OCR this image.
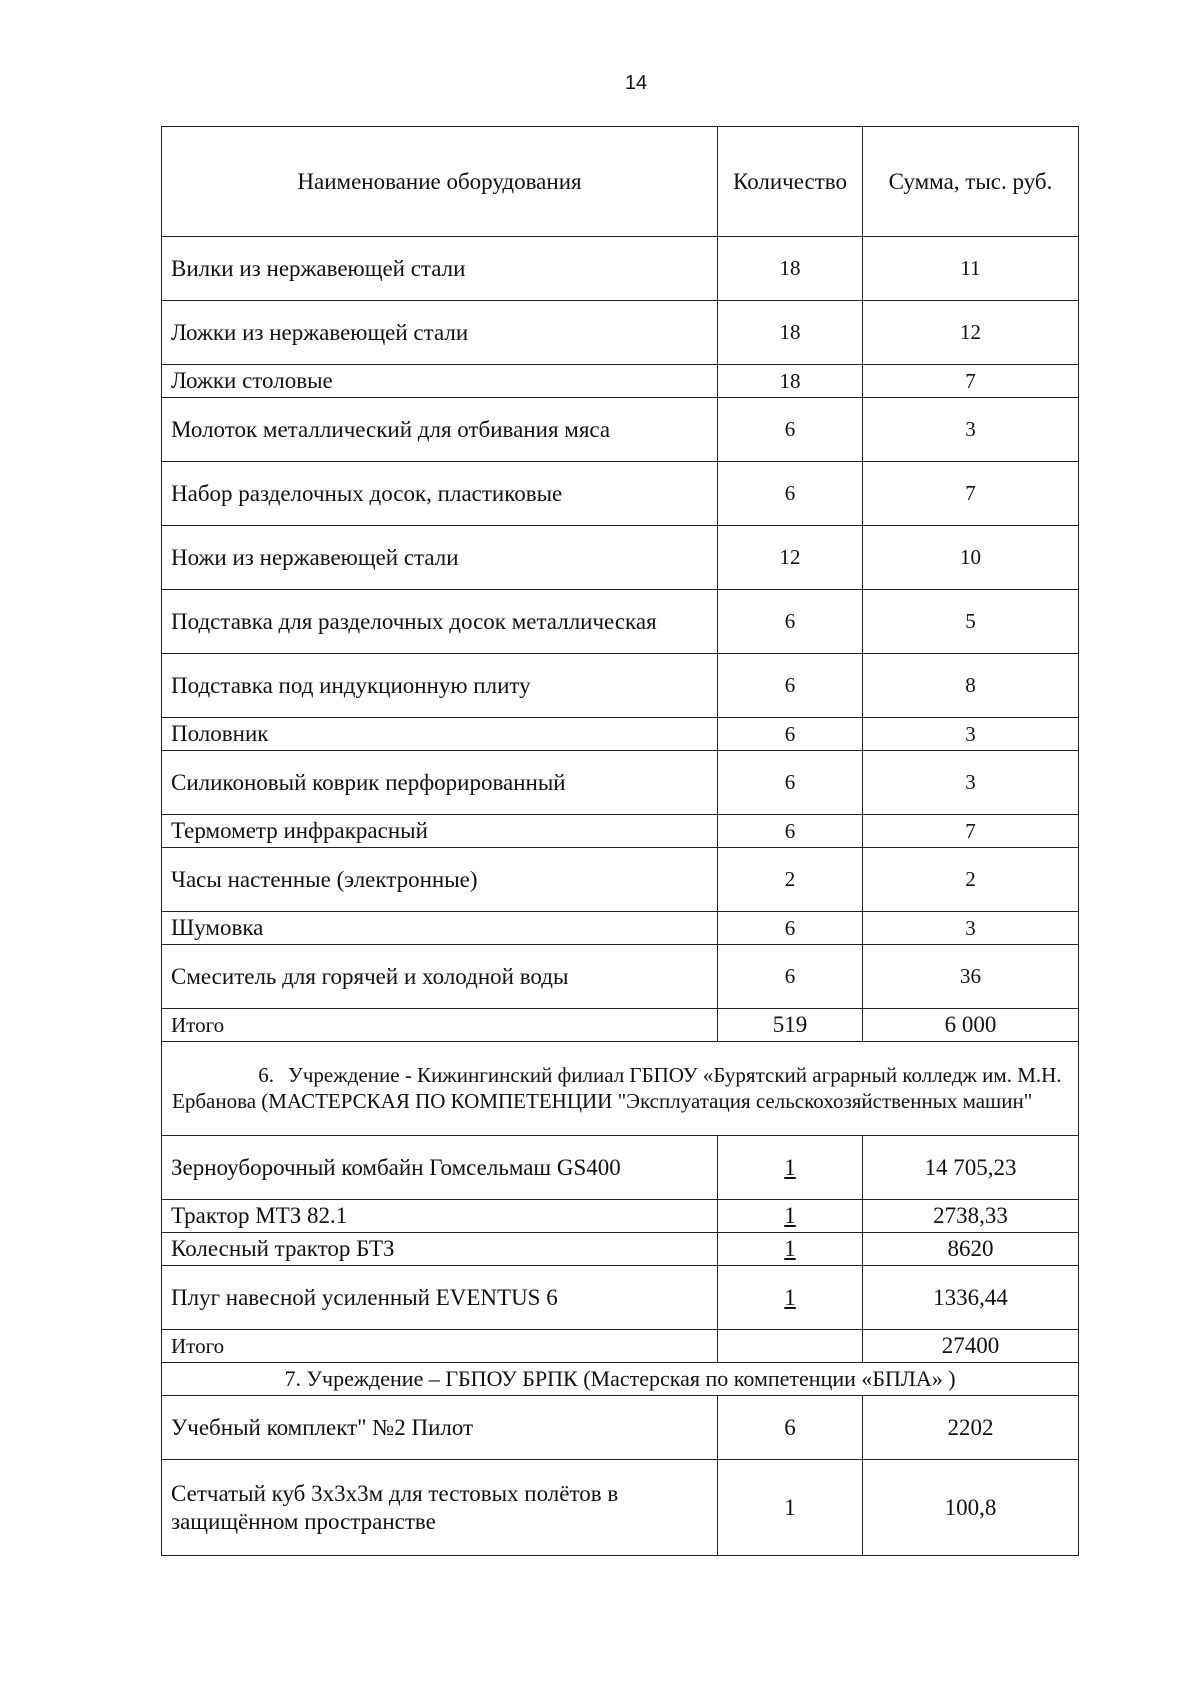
14
Наименование оборудования	Количество	Сумма, тыс. руб.
Вилки из нержавеющей стали	18	11
Ложки из нержавеющей стали	18	12
Ложки столовые	18	7
Молоток металлический для отбивания мяса	6	3
Набор разделочных досок, пластиковые	6	7
Ножи из нержавеющей стали	12	10
Подставка для разделочных досок металлическая	6	5
Подставка под индукционную плиту	6	8
Половник	6	3
Силиконовый коврик перфорированный	6	3
Термометр инфракрасный	6	7
Часы настенные (электронные)	2	2
Шумовка	6	3
Смеситель для горячей и холодной воды	6	36
Итого	519	6 000
6. Учреждение - Кижингинский филиал ГБПОУ «Бурятский аграрный колледж им. М.Н. Ербанова (МАСТЕРСКАЯ ПО КОМПЕТЕНЦИИ "Эксплуатация сельскохозяйственных машин"		
Зерноуборочный комбайн Гомсельмаш GS400	1	14 705,23
Трактор МТЗ 82.1	1	2738,33
Колесный трактор БТЗ	1	8620
Плуг навесной усиленный EVENTUS 6	1	1336,44
Итого		27400
7. Учреждение – ГБПОУ БРПК (Мастерская по компетенции «БПЛА» )		
Учебный комплект" №2 Пилот	6	2202
Сетчатый куб 3х3х3м для тестовых полётов в защищённом пространстве	1	100,8
